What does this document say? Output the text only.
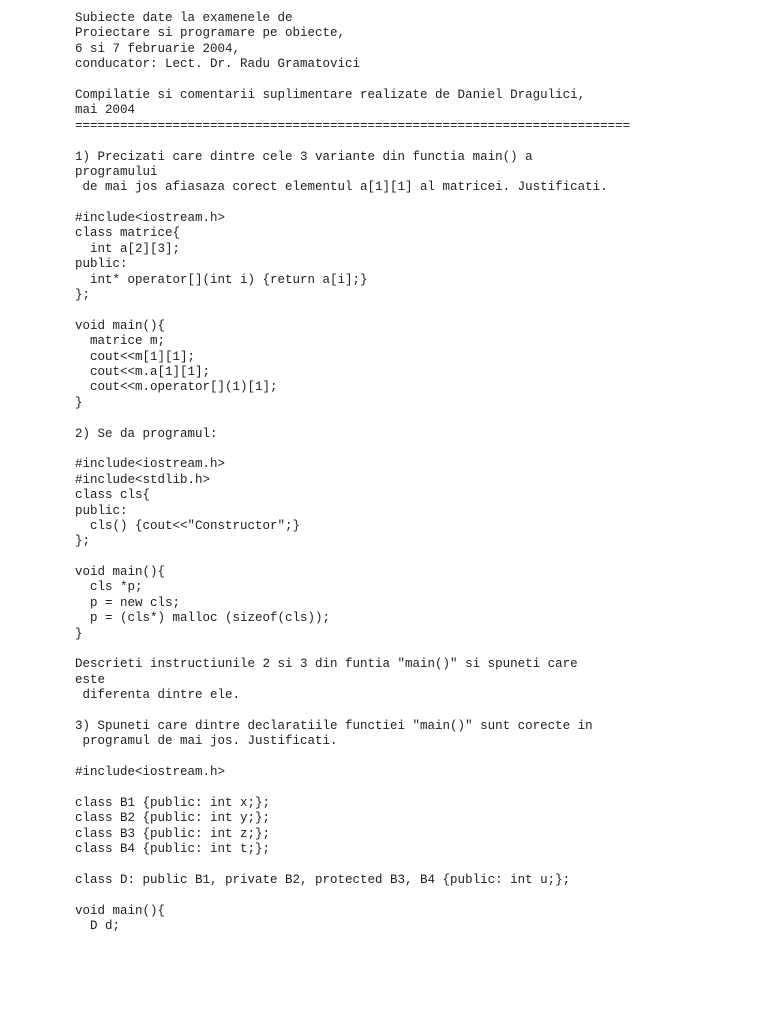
Subiecte date la examenele de
Proiectare si programare pe obiecte,
6 si 7 februarie 2004,
conducator: Lect. Dr. Radu Gramatovici
Compilatie si comentarii suplimentare realizate de Daniel Dragulici,
mai 2004
==========================================================================
1) Precizati care dintre cele 3 variante din functia main() a
programului
de mai jos afiasaza corect elementul a[1][1] al matricei. Justificati.
#include<iostream.h>
class matrice{
int a[2][3];
public:
int* operator[](int i) {return a[i];}
};
void main(){
matrice m;
cout<<m[1][1];
cout<<m.a[1][1];
cout<<m.operator[](1)[1];
}
2) Se da programul:
#include<iostream.h>
#include<stdlib.h>
class cls{
public:
cls() {cout<<"Constructor";}
};
void main(){
cls *p;
p = new cls;
p = (cls*) malloc (sizeof(cls));
}
Descrieti instructiunile 2 si 3 din funtia "main()" si spuneti care
este
diferenta dintre ele.
3) Spuneti care dintre declaratiile functiei "main()" sunt corecte in
programul de mai jos. Justificati.
#include<iostream.h>
class B1 {public: int x;};
class B2 {public: int y;};
class B3 {public: int z;};
class B4 {public: int t;};
class D: public B1, private B2, protected B3, B4 {public: int u;};
void main(){
D d;
